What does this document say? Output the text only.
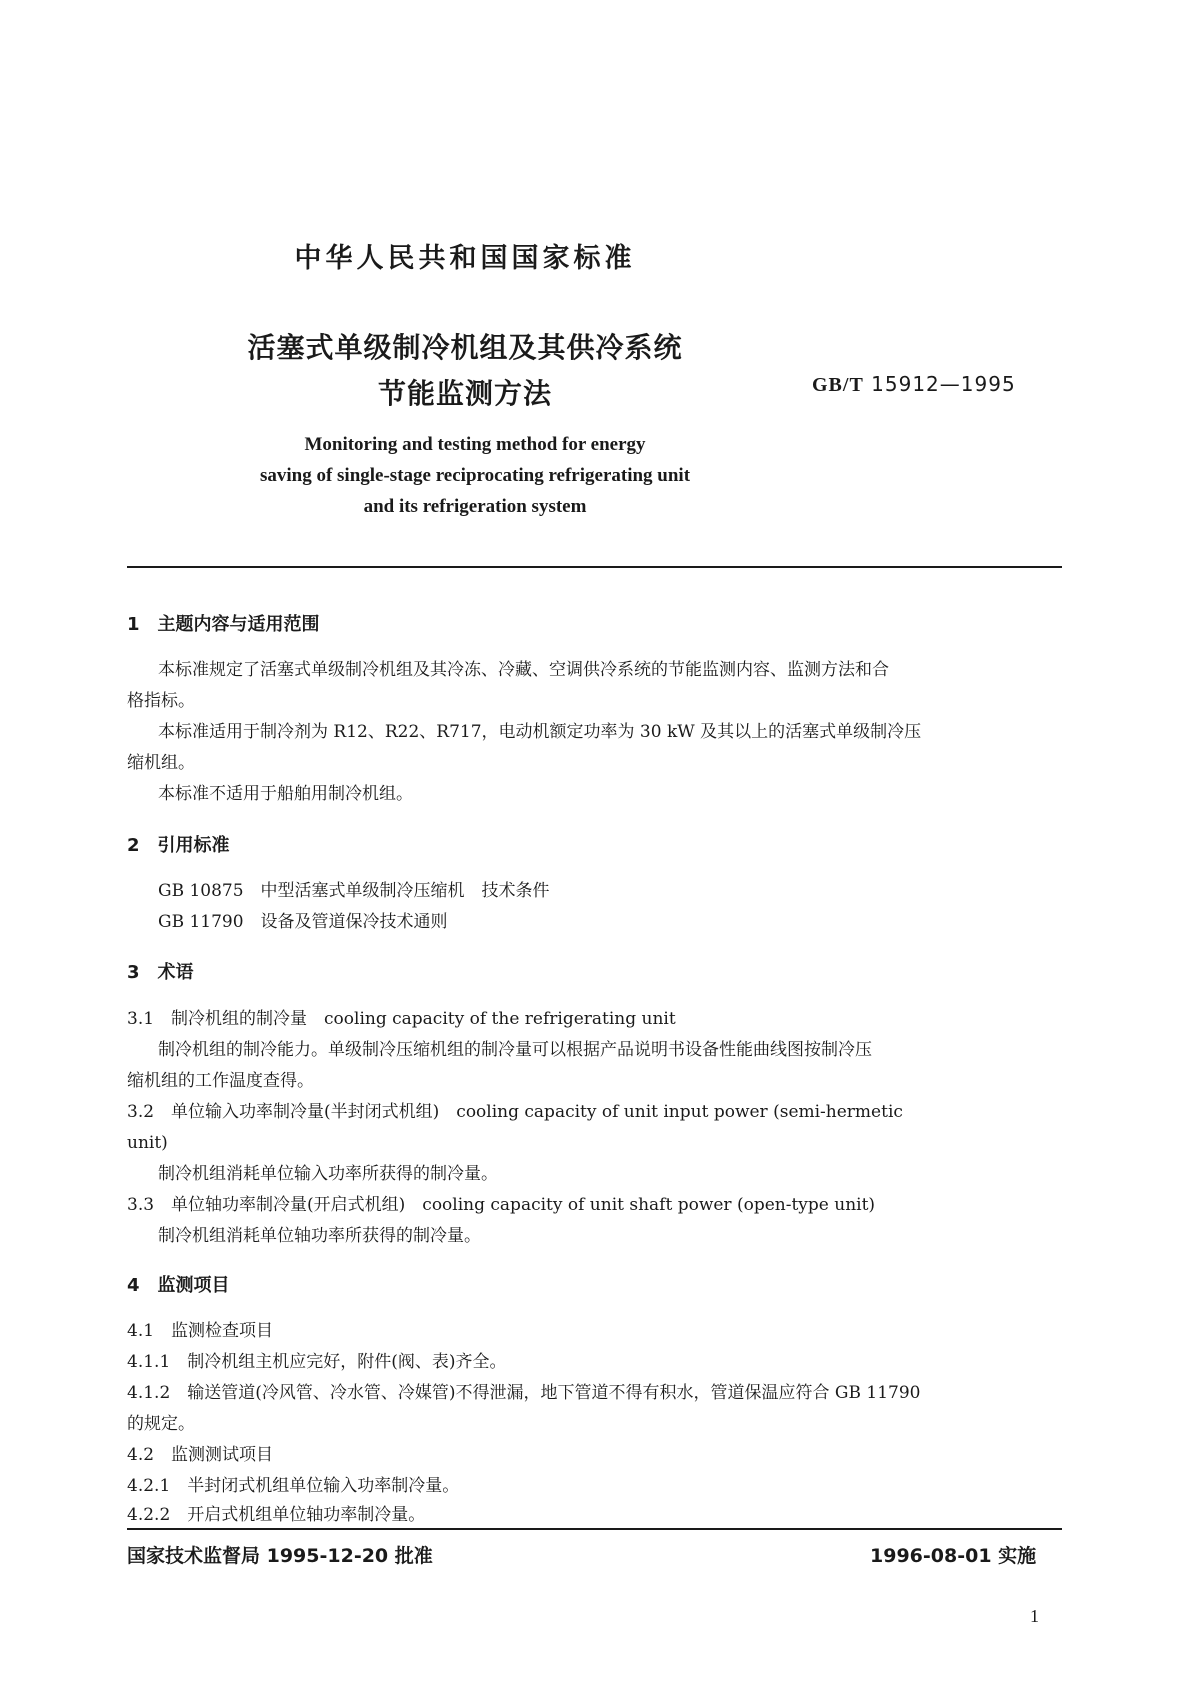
中华人民共和国国家标准
活塞式单级制冷机组及其供冷系统
节能监测方法	GB/T 15912—1995
Monitoring and testing method for energy
saving of single-stage reciprocating refrigerating unit
and its refrigeration system
1　主题内容与适用范围
本标准规定了活塞式单级制冷机组及其冷冻、冷藏、空调供冷系统的节能监测内容、监测方法和合
格指标。
本标准适用于制冷剂为 R12、R22、R717，电动机额定功率为 30 kW 及其以上的活塞式单级制冷压
缩机组。
本标准不适用于船舶用制冷机组。
2　引用标准
GB 10875　中型活塞式单级制冷压缩机　技术条件
GB 11790　设备及管道保冷技术通则
3　术语
3.1　制冷机组的制冷量　cooling capacity of the refrigerating unit
制冷机组的制冷能力。单级制冷压缩机组的制冷量可以根据产品说明书设备性能曲线图按制冷压
缩机组的工作温度查得。
3.2　单位输入功率制冷量(半封闭式机组)　cooling capacity of unit input power (semi-hermetic
unit)
制冷机组消耗单位输入功率所获得的制冷量。
3.3　单位轴功率制冷量(开启式机组)　cooling capacity of unit shaft power (open-type unit)
制冷机组消耗单位轴功率所获得的制冷量。
4　监测项目
4.1　监测检查项目
4.1.1　制冷机组主机应完好，附件(阀、表)齐全。
4.1.2　输送管道(冷风管、冷水管、冷媒管)不得泄漏，地下管道不得有积水，管道保温应符合 GB 11790
的规定。
4.2　监测测试项目
4.2.1　半封闭式机组单位输入功率制冷量。
4.2.2　开启式机组单位轴功率制冷量。
国家技术监督局 1995-12-20 批准	1996-08-01 实施
1
